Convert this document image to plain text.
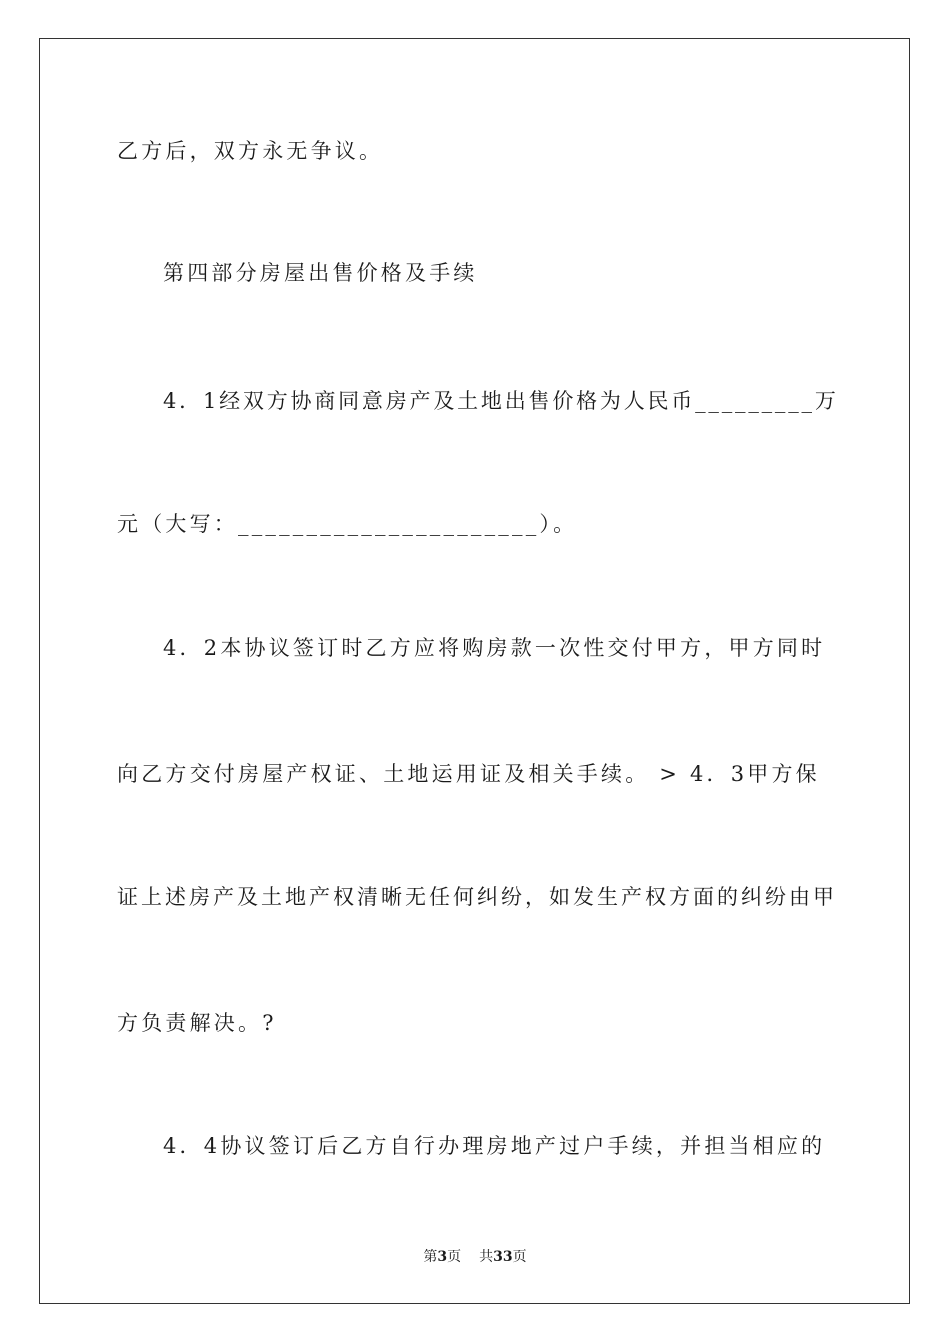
乙方后，双方永无争议。
第四部分房屋出售价格及手续
4．1经双方协商同意房产及土地出售价格为人民币_________万
元（大写：______________________）。
4．2本协议签订时乙方应将购房款一次性交付甲方，甲方同时
向乙方交付房屋产权证、土地运用证及相关手续。 > 4．3甲方保
证上述房产及土地产权清晰无任何纠纷，如发生产权方面的纠纷由甲
方负责解决。?
4．4协议签订后乙方自行办理房地产过户手续，并担当相应的
第3页 共33页
